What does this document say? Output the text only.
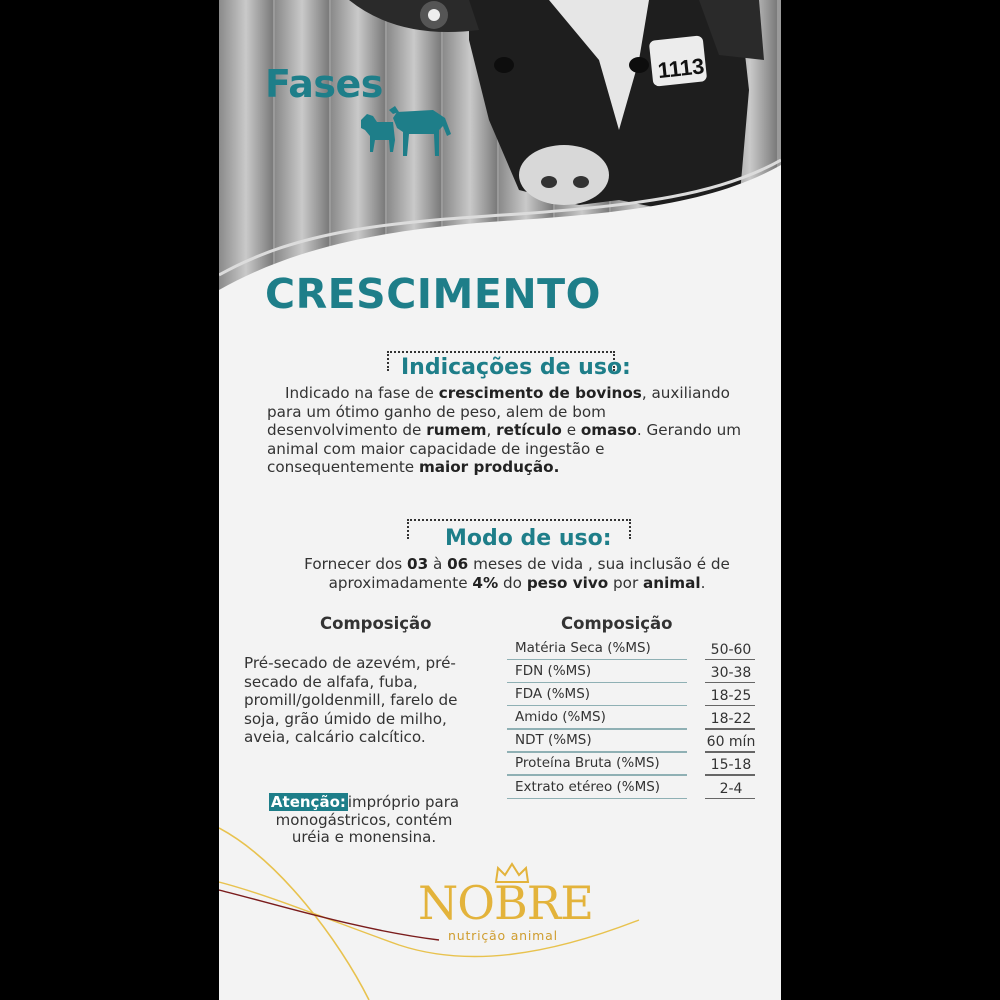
1113
Fases
CRESCIMENTO
Indicações de uso:
Indicado na fase de crescimento de bovinos, auxiliando
para um ótimo ganho de peso, alem de bom
desenvolvimento de rumem, retículo e omaso. Gerando um
animal com maior capacidade de ingestão e
consequentemente maior produção.
Modo de uso:
Fornecer dos 03 à 06 meses de vida , sua inclusão é de
aproximadamente 4% do peso vivo por animal.
Composição	Composição
Pré-secado de azevém, pré-secado de alfafa, fuba, promill/goldenmill, farelo de soja, grão úmido de milho, aveia, calcário calcítico.
Matéria Seca (%MS)	50-60
FDN (%MS)	30-38
FDA (%MS)	18-25
Amido (%MS)	18-22
NDT (%MS)	60 mín
Proteína Bruta (%MS)	15-18
Extrato etéreo (%MS)	2-4
Atenção: impróprio para monogástricos, contém uréia e monensina.
NOBRE
nutrição animal
